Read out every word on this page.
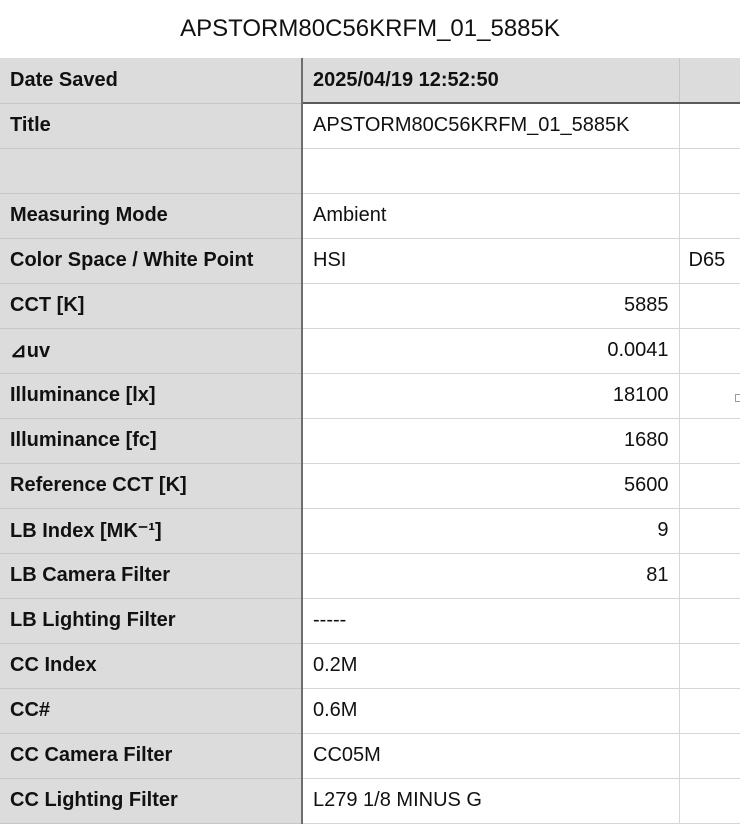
APSTORM80C56KRFM_01_5885K
Date Saved	2025/04/19 12:52:50	
Title	APSTORM80C56KRFM_01_5885K	

Measuring Mode	Ambient	
Color Space / White Point	HSI	D65
CCT [K]	5885	
⊿uv	0.0041	
Illuminance [lx]	18100	
Illuminance [fc]	1680	
Reference CCT [K]	5600	
LB Index [MK⁻¹]	9	
LB Camera Filter	81	
LB Lighting Filter	-----	
CC Index	0.2M	
CC#	0.6M	
CC Camera Filter	CC05M	
CC Lighting Filter	L279 1/8 MINUS G	
